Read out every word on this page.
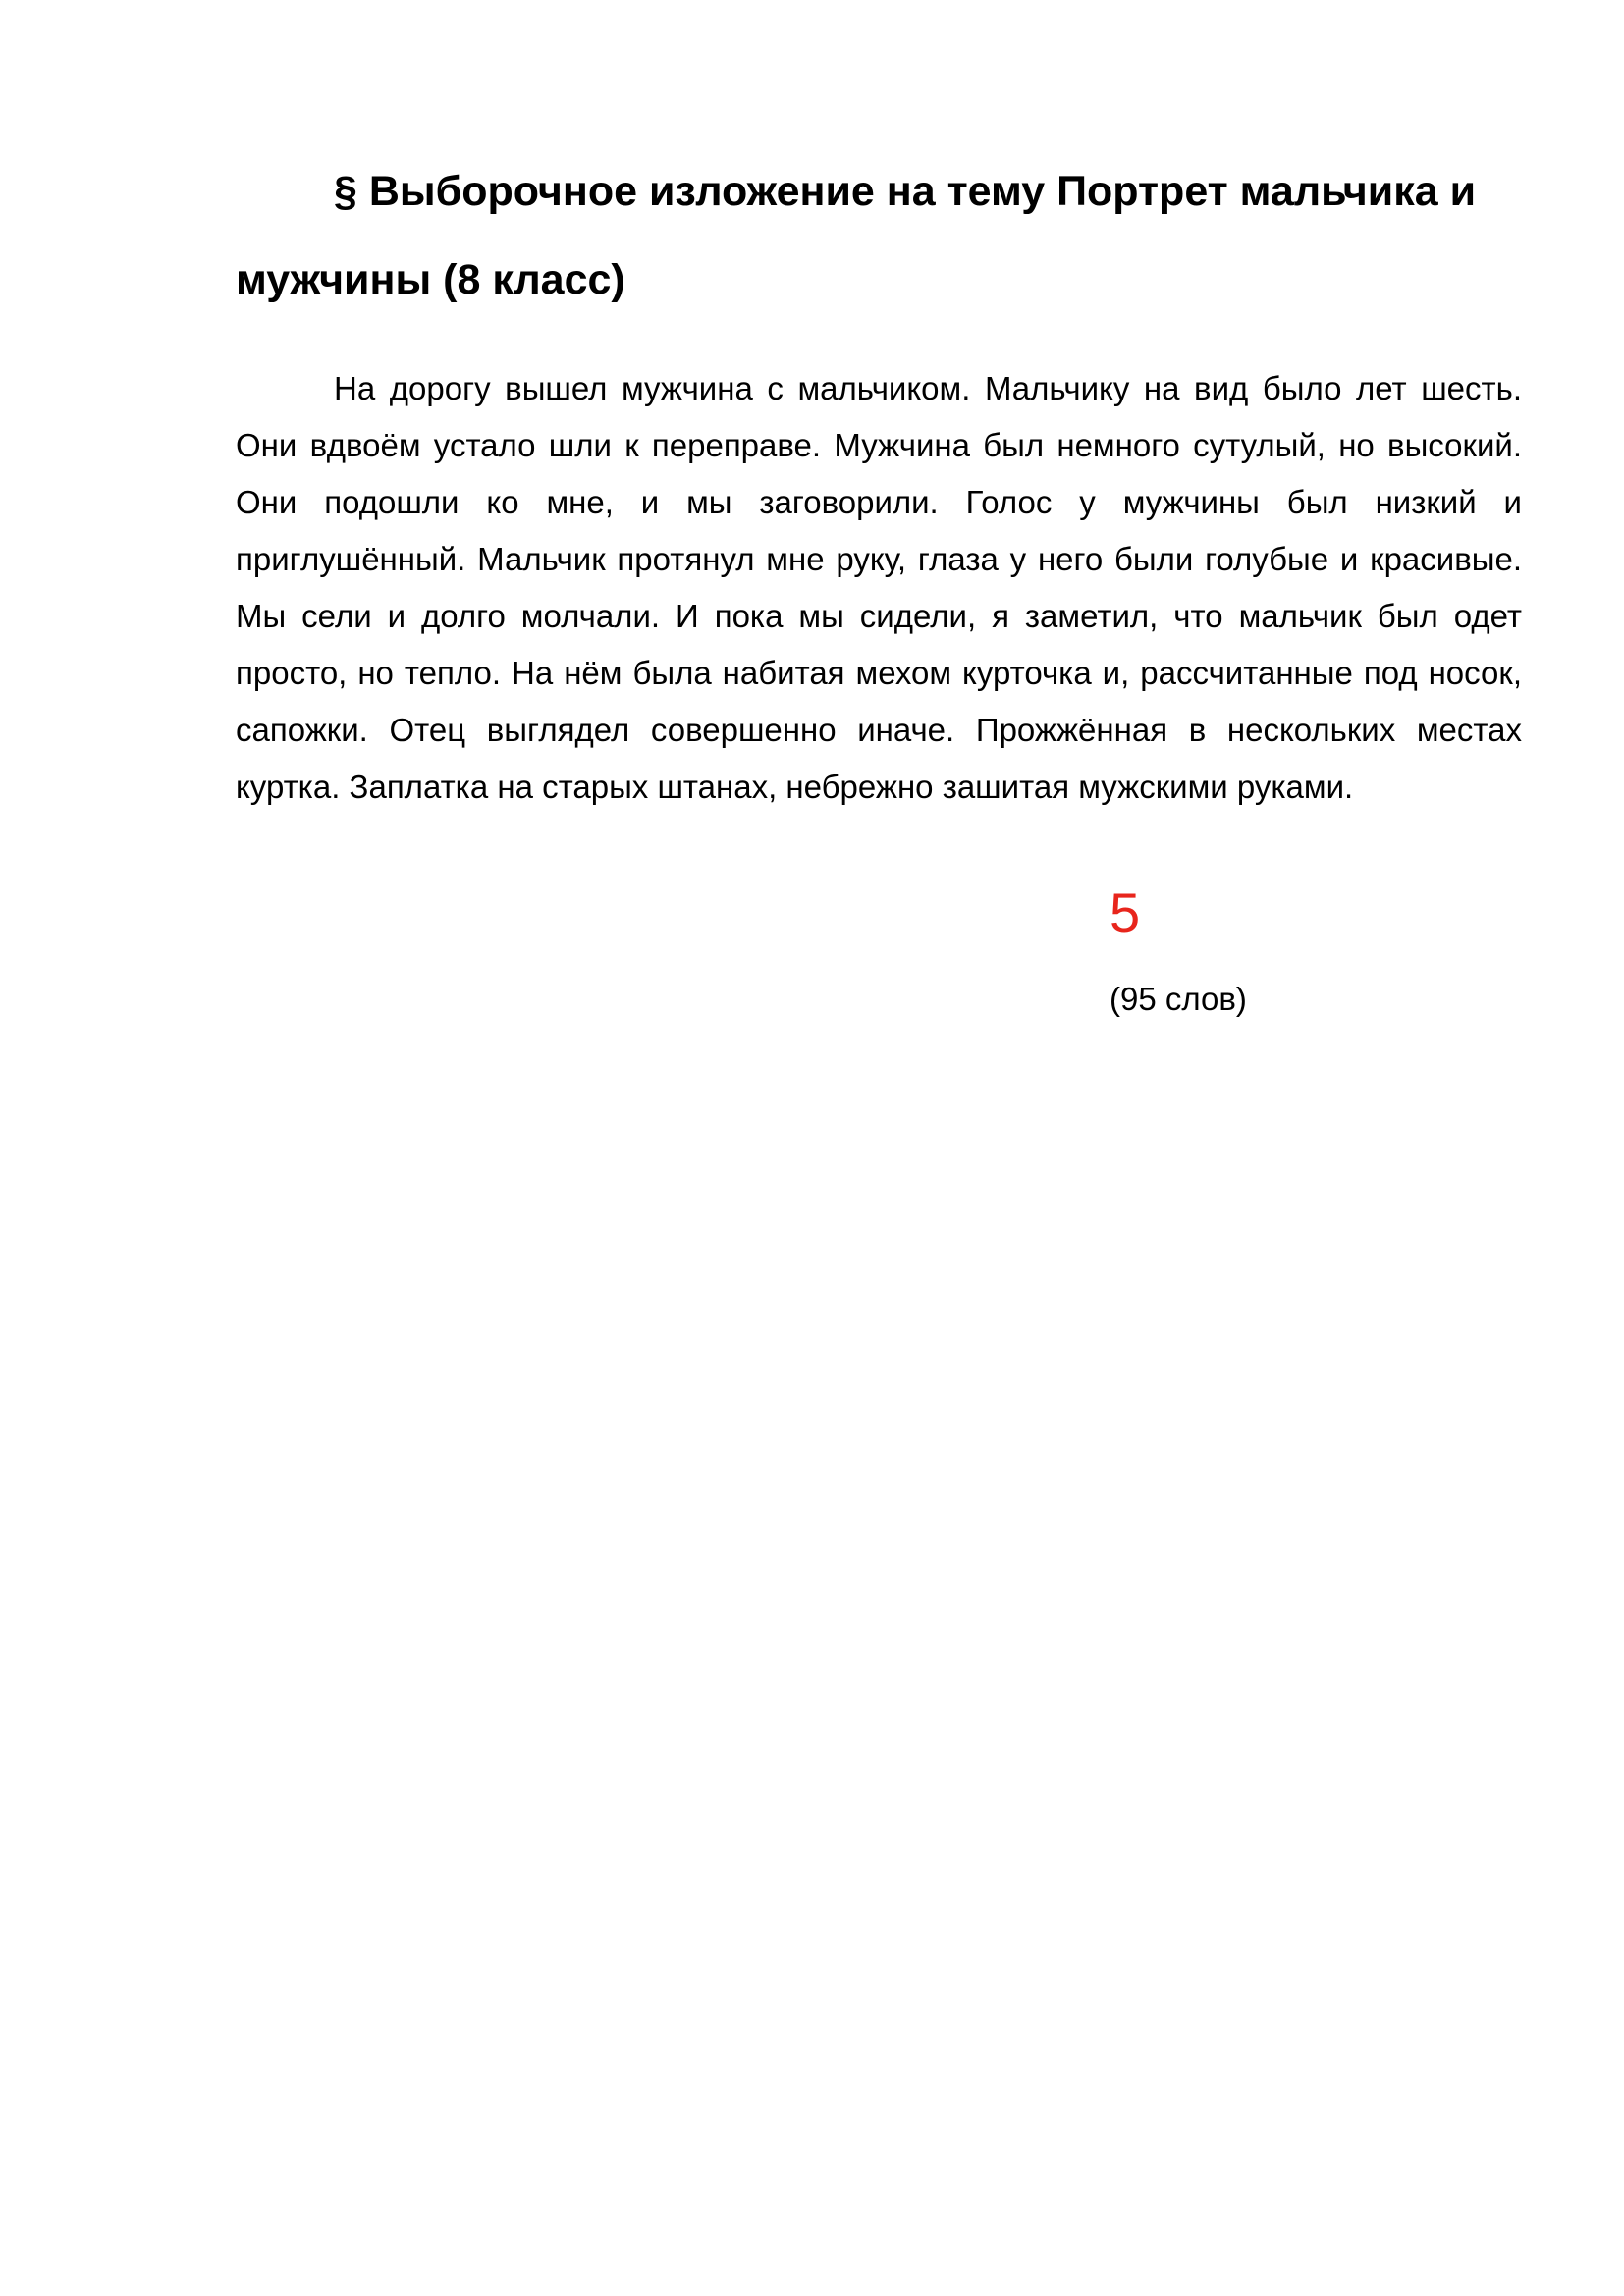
§ Выборочное изложение на тему Портрет мальчика и мужчины (8 класс)

На дорогу вышел мужчина с мальчиком. Мальчику на вид было лет шесть. Они вдвоём устало шли к переправе. Мужчина был немного сутулый, но высокий. Они подошли ко мне, и мы заговорили. Голос у мужчины был низкий и приглушённый. Мальчик протянул мне руку, глаза у него были голубые и красивые. Мы сели и долго молчали. И пока мы сидели, я заметил, что мальчик был одет просто, но тепло. На нём была набитая мехом курточка и, рассчитанные под носок, сапожки. Отец выглядел совершенно иначе. Прожжённая в нескольких местах куртка. Заплатка на старых штанах, небрежно зашитая мужскими руками.

5
(95 слов)
